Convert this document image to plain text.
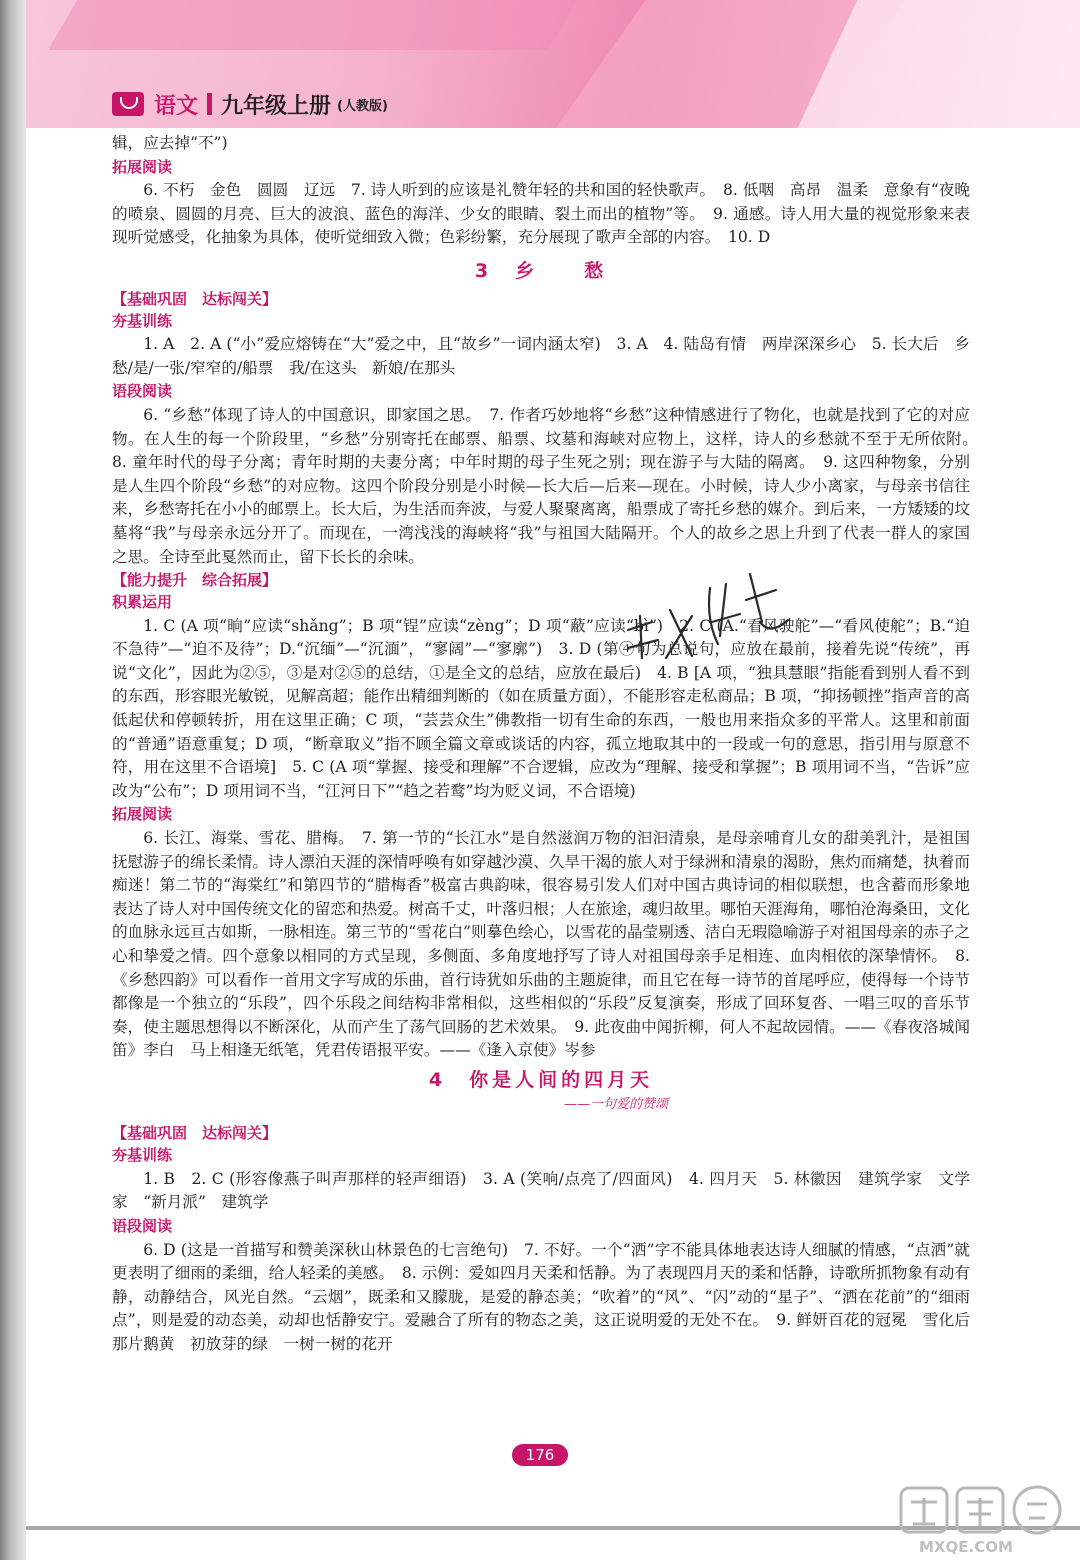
语文 九年级上册 (人教版)
辑，应去掉“不”)
拓展阅读

6. 不朽　金色　圆圆　辽远　7. 诗人听到的应该是礼赞年轻的共和国的轻快歌声。　8. 低咽　高昂　温柔　意象有“夜晚的喷泉、圆圆的月亮、巨大的波浪、蓝色的海洋、少女的眼睛、裂土而出的植物”等。　9. 通感。诗人用大量的视觉形象来表现听觉感受，化抽象为具体，使听觉细致入微；色彩纷繁，充分展现了歌声全部的内容。　10. D

3　乡　　愁
【基础巩固　达标闯关】
夯基训练

1. A　2. A (“小”爱应熔铸在“大”爱之中，且“故乡”一词内涵太窄)　3. A　4. 陆岛有情　两岸深深乡心　5. 长大后　乡愁/是/一张/窄窄的/船票　我/在这头　新娘/在那头

语段阅读

6. “乡愁”体现了诗人的中国意识，即家国之思。　7. 作者巧妙地将“乡愁”这种情感进行了物化，也就是找到了它的对应物。在人生的每一个阶段里，“乡愁”分别寄托在邮票、船票、坟墓和海峡对应物上，这样，诗人的乡愁就不至于无所依附。　8. 童年时代的母子分离；青年时期的夫妻分离；中年时期的母子生死之别；现在游子与大陆的隔离。　9. 这四种物象，分别是人生四个阶段“乡愁”的对应物。这四个阶段分别是小时候—长大后—后来—现在。小时候，诗人少小离家，与母亲书信往来，乡愁寄托在小小的邮票上。长大后，为生活而奔波，与爱人聚聚离离，船票成了寄托乡愁的媒介。到后来，一方矮矮的坟墓将“我”与母亲永远分开了。而现在，一湾浅浅的海峡将“我”与祖国大陆隔开。个人的故乡之思上升到了代表一群人的家国之思。全诗至此戛然而止，留下长长的余味。

【能力提升　综合拓展】
积累运用

1. C (A 项“晌”应读“shǎng”；B 项“锃”应读“zèng”；D 项“蔽”应读“bì”)　2. C (A.“看风驶舵”—“看风使舵”；B.“迫不急待”—“迫不及待”；D.“沉缅”—“沉湎”，“寥阔”—“寥廓”)　3. D (第④句为总说句，应放在最前，接着先说“传统”，再说“文化”，因此为②⑤，③是对②⑤的总结，①是全文的总结，应放在最后)　4. B [A 项，“独具慧眼”指能看到别人看不到的东西，形容眼光敏锐，见解高超；能作出精细判断的（如在质量方面），不能形容走私商品；B 项，“抑扬顿挫”指声音的高低起伏和停顿转折，用在这里正确；C 项，“芸芸众生”佛教指一切有生命的东西，一般也用来指众多的平常人。这里和前面的“普通”语意重复；D 项，“断章取义”指不顾全篇文章或谈话的内容，孤立地取其中的一段或一句的意思，指引用与原意不符，用在这里不合语境]　5. C (A 项“掌握、接受和理解”不合逻辑，应改为“理解、接受和掌握”；B 项用词不当，“告诉”应改为“公布”；D 项用词不当，“江河日下”“趋之若鹜”均为贬义词，不合语境)

拓展阅读

6. 长江、海棠、雪花、腊梅。　7. 第一节的“长江水”是自然滋润万物的汩汩清泉，是母亲哺育儿女的甜美乳汁，是祖国抚慰游子的绵长柔情。诗人漂泊天涯的深情呼唤有如穿越沙漠、久旱干渴的旅人对于绿洲和清泉的渴盼，焦灼而痛楚，执着而痴迷！第二节的“海棠红”和第四节的“腊梅香”极富古典韵味，很容易引发人们对中国古典诗词的相似联想，也含蓄而形象地表达了诗人对中国传统文化的留恋和热爱。树高千丈，叶落归根；人在旅途，魂归故里。哪怕天涯海角，哪怕沧海桑田，文化的血脉永远亘古如斯，一脉相连。第三节的“雪花白”则摹色绘心，以雪花的晶莹剔透、洁白无瑕隐喻游子对祖国母亲的赤子之心和挚爱之情。四个意象以相同的方式呈现，多侧面、多角度地抒写了诗人对祖国母亲手足相连、血肉相依的深挚情怀。　8.《乡愁四韵》可以看作一首用文字写成的乐曲，首行诗犹如乐曲的主题旋律，而且它在每一诗节的首尾呼应，使得每一个诗节都像是一个独立的“乐段”，四个乐段之间结构非常相似，这些相似的“乐段”反复演奏，形成了回环复沓、一唱三叹的音乐节奏，使主题思想得以不断深化，从而产生了荡气回肠的艺术效果。　9. 此夜曲中闻折柳，何人不起故园情。——《春夜洛城闻笛》李白　马上相逢无纸笔，凭君传语报平安。——《逢入京使》岑参

4　你是人间的四月天
——一句爱的赞颂
【基础巩固　达标闯关】
夯基训练

1. B　2. C (形容像燕子叫声那样的轻声细语)　3. A (笑响/点亮了/四面风)　4. 四月天　5. 林徽因　建筑学家　文学家　“新月派”　建筑学

语段阅读

6. D (这是一首描写和赞美深秋山林景色的七言绝句)　7. 不好。一个“洒”字不能具体地表达诗人细腻的情感，“点洒”就更表明了细雨的柔细，给人轻柔的美感。　8. 示例：爱如四月天柔和恬静。为了表现四月天的柔和恬静，诗歌所抓物象有动有静，动静结合，风光自然。“云烟”，既柔和又朦胧，是爱的静态美；“吹着”的“风”、“闪”动的“星子”、“洒在花前”的“细雨点”，则是爱的动态美，动却也恬静安宁。爱融合了所有的物态之美，这正说明爱的无处不在。　9. 鲜妍百花的冠冕　雪化后那片鹅黄　初放芽的绿　一树一树的花开

176
MXQE.COM
